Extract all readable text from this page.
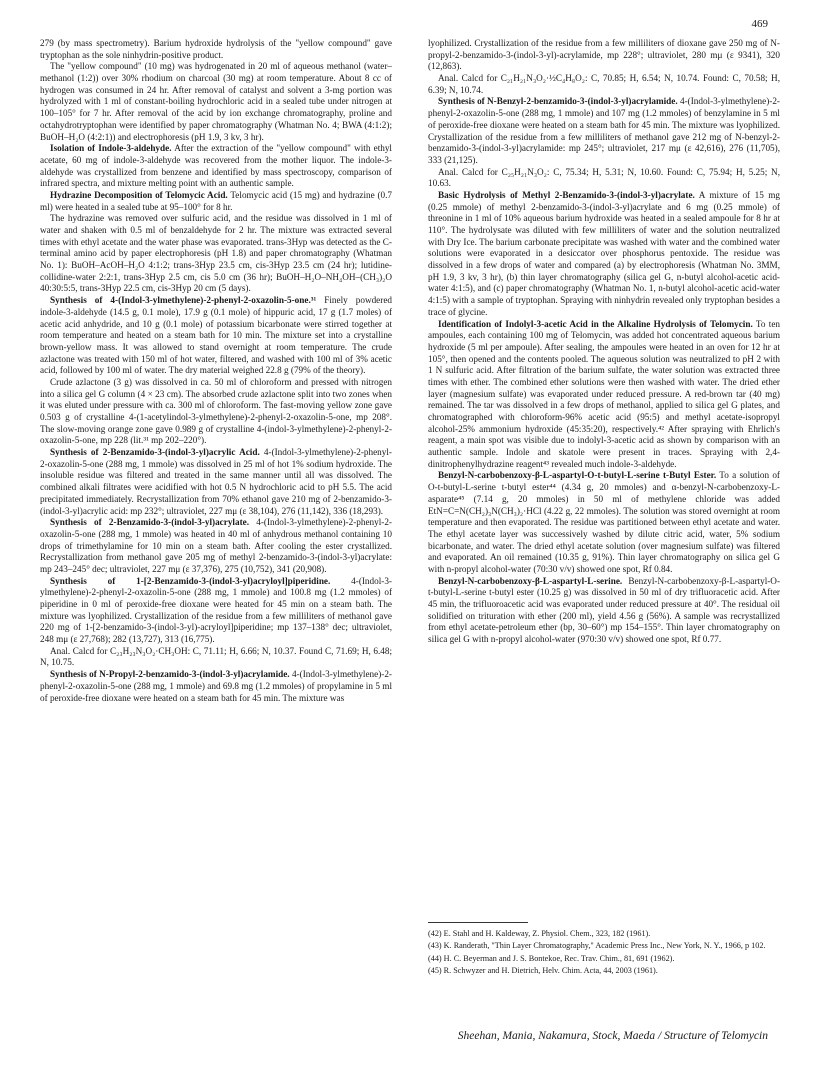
469

279 (by mass spectrometry). Barium hydroxide hydrolysis of the "yellow compound" gave tryptophan as the sole ninhydrin-positive product.

The "yellow compound" (10 mg) was hydrogenated in 20 ml of aqueous methanol (water–methanol (1:2)) over 30% rhodium on charcoal (30 mg) at room temperature. About 8 cc of hydrogen was consumed in 24 hr. After removal of catalyst and solvent a 3-mg portion was hydrolyzed with 1 ml of constant-boiling hydrochloric acid in a sealed tube under nitrogen at 100–105° for 7 hr. After removal of the acid by ion exchange chromatography, proline and octahydrotryptophan were identified by paper chromatography (Whatman No. 4; BWA (4:1:2); BuOH–H₂O (4:2:1)) and electrophoresis (pH 1.9, 3 kv, 3 hr).

Isolation of Indole-3-aldehyde. After the extraction of the "yellow compound" with ethyl acetate, 60 mg of indole-3-aldehyde was recovered from the mother liquor. The indole-3-aldehyde was crystallized from benzene and identified by mass spectroscopy, comparison of infrared spectra, and mixture melting point with an authentic sample.

Hydrazine Decomposition of Telomycic Acid. Telomycic acid (15 mg) and hydrazine (0.7 ml) were heated in a sealed tube at 95–100° for 8 hr.

The hydrazine was removed over sulfuric acid, and the residue was dissolved in 1 ml of water and shaken with 0.5 ml of benzaldehyde for 2 hr. The mixture was extracted several times with ethyl acetate and the water phase was evaporated. trans-3Hyp was detected as the C-terminal amino acid by paper electrophoresis (pH 1.8) and paper chromatography (Whatman No. 1): BuOH–AcOH–H₂O 4:1:2; trans-3Hyp 23.5 cm, cis-3Hyp 23.5 cm (24 hr); lutidine-collidine-water 2:2:1, trans-3Hyp 2.5 cm, cis 5.0 cm (36 hr); BuOH–H₂O–NH₄OH–(CH₃)₂O 40:30:5:5, trans-3Hyp 22.5 cm, cis-3Hyp 20 cm (5 days).

Synthesis of 4-(Indol-3-ylmethylene)-2-phenyl-2-oxazolin-5-one.³¹ Finely powdered indole-3-aldehyde (14.5 g, 0.1 mole), 17.9 g (0.1 mole) of hippuric acid, 17 g (1.7 moles) of acetic acid anhydride, and 10 g (0.1 mole) of potassium bicarbonate were stirred together at room temperature and heated on a steam bath for 10 min. The mixture set into a crystalline brown-yellow mass. It was allowed to stand overnight at room temperature. The crude azlactone was treated with 150 ml of hot water, filtered, and washed with 100 ml of 3% acetic acid, followed by 100 ml of water. The dry material weighed 22.8 g (79% of the theory).

Crude azlactone (3 g) was dissolved in ca. 50 ml of chloroform and pressed with nitrogen into a silica gel G column (4 × 23 cm). The absorbed crude azlactone split into two zones when it was eluted under pressure with ca. 300 ml of chloroform. The fast-moving yellow zone gave 0.503 g of crystalline 4-(1-acetylindol-3-ylmethylene)-2-phenyl-2-oxazolin-5-one, mp 208°. The slow-moving orange zone gave 0.989 g of crystalline 4-(indol-3-ylmethylene)-2-phenyl-2-oxazolin-5-one, mp 228 (lit.³¹ mp 202–220°).

Synthesis of 2-Benzamido-3-(indol-3-yl)acrylic Acid. 4-(Indol-3-ylmethylene)-2-phenyl-2-oxazolin-5-one (288 mg, 1 mmole) was dissolved in 25 ml of hot 1% sodium hydroxide. The insoluble residue was filtered and treated in the same manner until all was dissolved. The combined alkali filtrates were acidified with hot 0.5 N hydrochloric acid to pH 5.5. The acid precipitated immediately. Recrystallization from 70% ethanol gave 210 mg of 2-benzamido-3-(indol-3-yl)acrylic acid: mp 232°; ultraviolet, 227 mμ (ε 38,104), 276 (11,142), 336 (18,293).

Synthesis of 2-Benzamido-3-(indol-3-yl)acrylate. 4-(Indol-3-ylmethylene)-2-phenyl-2-oxazolin-5-one (288 mg, 1 mmole) was heated in 40 ml of anhydrous methanol containing 10 drops of trimethylamine for 10 min on a steam bath. After cooling the ester crystallized. Recrystallization from methanol gave 205 mg of methyl 2-benzamido-3-(indol-3-yl)acrylate: mp 243–245° dec; ultraviolet, 227 mμ (ε 37,376), 275 (10,752), 341 (20,908).

Synthesis of 1-[2-Benzamido-3-(indol-3-yl)acryloyl]piperidine. 4-(Indol-3-ylmethylene)-2-phenyl-2-oxazolin-5-one (288 mg, 1 mmole) and 100.8 mg (1.2 mmoles) of piperidine in 0 ml of peroxide-free dioxane were heated for 45 min on a steam bath. The mixture was lyophilized. Crystallization of the residue from a few milliliters of methanol gave 220 mg of 1-[2-benzamido-3-(indol-3-yl)-acryloyl]piperidine; mp 137–138° dec; ultraviolet, 248 mμ (ε 27,768); 282 (13,727), 313 (16,775).

Anal. Calcd for C₂₃H₂₃N₃O₂·CH₃OH: C, 71.11; H, 6.66; N, 10.37. Found C, 71.69; H, 6.48; N, 10.75.

Synthesis of N-Propyl-2-benzamido-3-(indol-3-yl)acrylamide. 4-(Indol-3-ylmethylene)-2-phenyl-2-oxazolin-5-one (288 mg, 1 mmole) and 69.8 mg (1.2 mmoles) of propylamine in 5 ml of peroxide-free dioxane were heated on a steam bath for 45 min. The mixture was

lyophilized. Crystallization of the residue from a few milliliters of dioxane gave 250 mg of N-propyl-2-benzamido-3-(indol-3-yl)-acrylamide, mp 228°; ultraviolet, 280 mμ (ε 9341), 320 (12,863).

Anal. Calcd for C₂₁H₂₁N₃O₂·½C₄H₈O₂: C, 70.85; H, 6.54; N, 10.74. Found: C, 70.58; H, 6.39; N, 10.74.

Synthesis of N-Benzyl-2-benzamido-3-(indol-3-yl)acrylamide. 4-(Indol-3-ylmethylene)-2-phenyl-2-oxazolin-5-one (288 mg, 1 mmole) and 107 mg (1.2 mmoles) of benzylamine in 5 ml of peroxide-free dioxane were heated on a steam bath for 45 min. The mixture was lyophilized. Crystallization of the residue from a few milliliters of methanol gave 212 mg of N-benzyl-2-benzamido-3-(indol-3-yl)acrylamide: mp 245°; ultraviolet, 217 mμ (ε 42,616), 276 (11,705), 333 (21,125).

Anal. Calcd for C₂₅H₂₁N₃O₂: C, 75.34; H, 5.31; N, 10.60. Found: C, 75.94; H, 5.25; N, 10.63.

Basic Hydrolysis of Methyl 2-Benzamido-3-(indol-3-yl)acrylate. A mixture of 15 mg (0.25 mmole) of methyl 2-benzamido-3-(indol-3-yl)acrylate and 6 mg (0.25 mmole) of threonine in 1 ml of 10% aqueous barium hydroxide was heated in a sealed ampoule for 8 hr at 110°. The hydrolysate was diluted with few milliliters of water and the solution neutralized with Dry Ice. The barium carbonate precipitate was washed with water and the combined water solutions were evaporated in a desiccator over phosphorus pentoxide. The residue was dissolved in a few drops of water and compared (a) by electrophoresis (Whatman No. 3MM, pH 1.9, 3 kv, 3 hr), (b) thin layer chromatography (silica gel G, n-butyl alcohol-acetic acid-water 4:1:5), and (c) paper chromatography (Whatman No. 1, n-butyl alcohol-acetic acid-water 4:1:5) with a sample of tryptophan. Spraying with ninhydrin revealed only tryptophan besides a trace of glycine.

Identification of Indolyl-3-acetic Acid in the Alkaline Hydrolysis of Telomycin. To ten ampoules, each containing 100 mg of Telomycin, was added hot concentrated aqueous barium hydroxide (5 ml per ampoule). After sealing, the ampoules were heated in an oven for 12 hr at 105°, then opened and the contents pooled. The aqueous solution was neutralized to pH 2 with 1 N sulfuric acid. After filtration of the barium sulfate, the water solution was extracted three times with ether. The combined ether solutions were then washed with water. The dried ether layer (magnesium sulfate) was evaporated under reduced pressure. A red-brown tar (40 mg) remained. The tar was dissolved in a few drops of methanol, applied to silica gel G plates, and chromatographed with chloroform-96% acetic acid (95:5) and methyl acetate-isopropyl alcohol-25% ammonium hydroxide (45:35:20), respectively.⁴² After spraying with Ehrlich's reagent, a main spot was visible due to indolyl-3-acetic acid as shown by comparison with an authentic sample. Indole and skatole were present in traces. Spraying with 2,4-dinitrophenylhydrazine reagent⁴³ revealed much indole-3-aldehyde.

Benzyl-N-carbobenzoxy-β-L-aspartyl-O-t-butyl-L-serine t-Butyl Ester. To a solution of O-t-butyl-L-serine t-butyl ester⁴⁴ (4.34 g, 20 mmoles) and α-benzyl-N-carbobenzoxy-L-asparate⁴⁵ (7.14 g, 20 mmoles) in 50 ml of methylene chloride was added EtN=C=N(CH₂)₃N(CH₃)₂·HCl (4.22 g, 22 mmoles). The solution was stored overnight at room temperature and then evaporated. The residue was partitioned between ethyl acetate and water. The ethyl acetate layer was successively washed by dilute citric acid, water, 5% sodium bicarbonate, and water. The dried ethyl acetate solution (over magnesium sulfate) was filtered and evaporated. An oil remained (10.35 g, 91%). Thin layer chromatography on silica gel G with n-propyl alcohol-water (70:30 v/v) showed one spot, Rf 0.84.

Benzyl-N-carbobenzoxy-β-L-aspartyl-L-serine. Benzyl-N-carbobenzoxy-β-L-aspartyl-O-t-butyl-L-serine t-butyl ester (10.25 g) was dissolved in 50 ml of dry trifluoracetic acid. After 45 min, the trifluoroacetic acid was evaporated under reduced pressure at 40°. The residual oil solidified on trituration with ether (200 ml), yield 4.56 g (56%). A sample was recrystallized from ethyl acetate-petroleum ether (bp, 30–60°) mp 154–155°. Thin layer chromatography on silica gel G with n-propyl alcohol-water (970:30 v/v) showed one spot, Rf 0.77.

(42) E. Stahl and H. Kaldeway, Z. Physiol. Chem., 323, 182 (1961).

(43) K. Randerath, "Thin Layer Chromatography," Academic Press Inc., New York, N. Y., 1966, p 102.

(44) H. C. Beyerman and J. S. Bontekoe, Rec. Trav. Chim., 81, 691 (1962).

(45) R. Schwyzer and H. Dietrich, Helv. Chim. Acta, 44, 2003 (1961).

Sheehan, Mania, Nakamura, Stock, Maeda / Structure of Telomycin
